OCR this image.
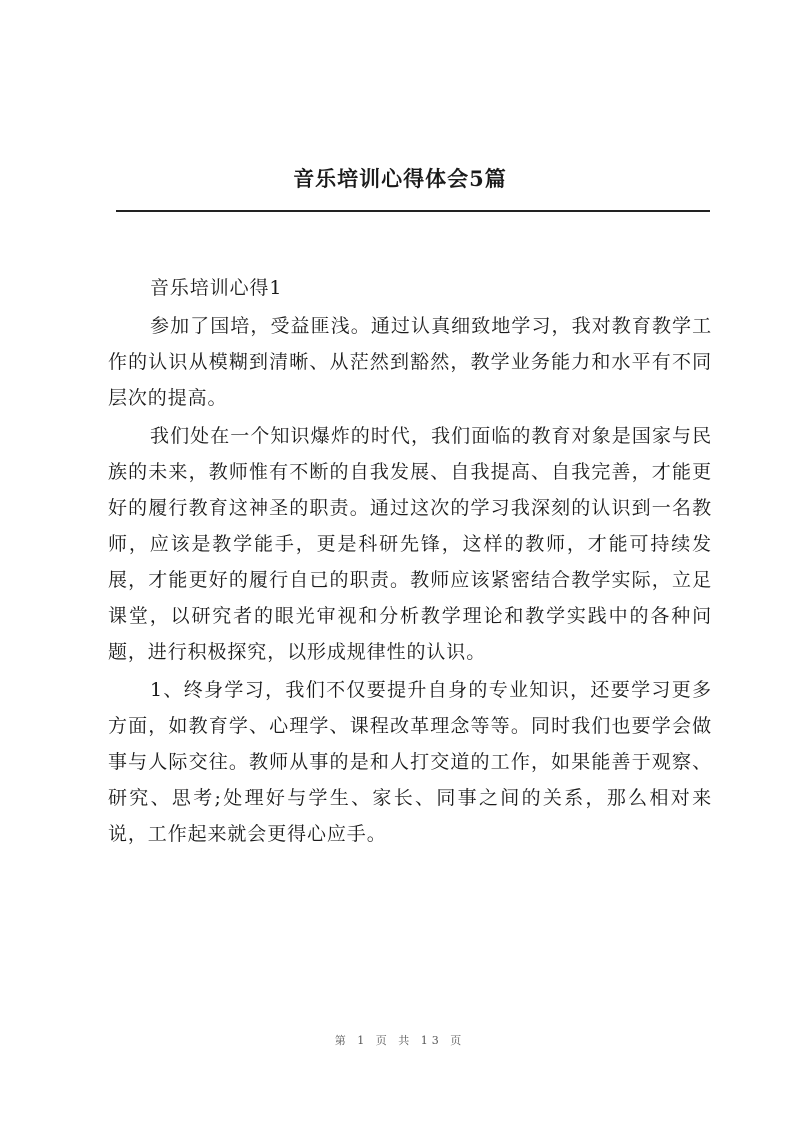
音乐培训心得体会5篇

音乐培训心得1

参加了国培，受益匪浅。通过认真细致地学习，我对教育教学工作的认识从模糊到清晰、从茫然到豁然，教学业务能力和水平有不同层次的提高。

我们处在一个知识爆炸的时代，我们面临的教育对象是国家与民族的未来，教师惟有不断的自我发展、自我提高、自我完善，才能更好的履行教育这神圣的职责。通过这次的学习我深刻的认识到一名教师，应该是教学能手，更是科研先锋，这样的教师，才能可持续发展，才能更好的履行自已的职责。教师应该紧密结合教学实际，立足课堂，以研究者的眼光审视和分析教学理论和教学实践中的各种问题，进行积极探究，以形成规律性的认识。

1、终身学习，我们不仅要提升自身的专业知识，还要学习更多方面，如教育学、心理学、课程改革理念等等。同时我们也要学会做事与人际交往。教师从事的是和人打交道的工作，如果能善于观察、研究、思考;处理好与学生、家长、同事之间的关系，那么相对来说，工作起来就会更得心应手。

第 1 页 共 13 页
